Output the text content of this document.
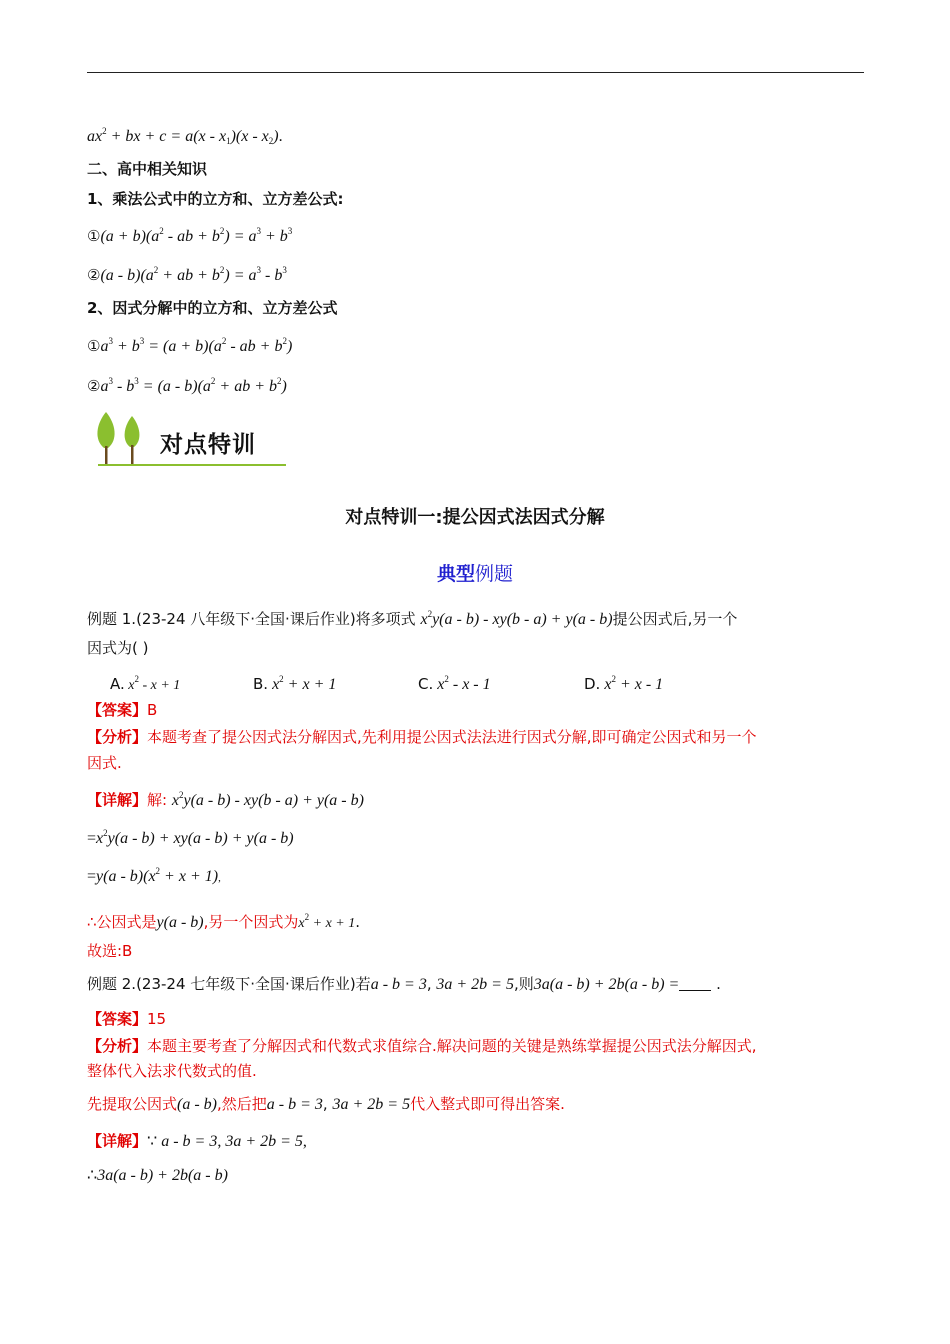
$ax^2$ + bx + $c = a(x - x_1)(x - x_2)$.
二、高中相关知识
1、乘法公式中的立方和、立方差公式:
①(a + $b)(a^2$ - ab + $b^2) = a^3 + b^3$
②(a - $b)(a^2$ + ab + $b^2) = a^3 - b^3$
2、因式分解中的立方和、立方差公式
$①a^3 + b^3 = (a + b)(a^2$ - ab + $b^2$)
$②a^3 - b^3 = (a - b)(a^2$ + ab + $b^2$)
对点特训
对点特训一:提公因式法因式分解
典型例题
例题 1.(23-24 八年级下·全国·课后作业)将多项式 $x^2y(a - b) - xy(b - a) + y(a - b)$提公因式后,另一个
因式为( )
A. $x^2 - x + 1$	B. $x^2 + x + 1$	C. $x^2$ - x - 1	D. $x^2 + x - 1$
【答案】B
【分析】本题考查了提公因式法分解因式,先利用提公因式法法进行因式分解,即可确定公因式和另一个
因式.
【详解】解: $x^2y(a - b) - xy(b - a) + y(a - b)$
$=x^2y(a - b) + xy(a - b) + y(a - b)$
$=y(a - b)(x^2 + x + 1)$,
∴公因式是y(a - b),另一个因式为$x^2 + x + 1$.
故选:B
例题 2.(23-24 七年级下·全国·课后作业)若a - b = 3, 3a + 2b = 5,则3a(a - b) + 2b(a - b) = .
【答案】15
【分析】本题主要考查了分解因式和代数式求值综合.解决问题的关键是熟练掌握提公因式法分解因式,
整体代入法求代数式的值.
先提取公因式(a - b),然后把a - b = 3, 3a + 2b = 5代入整式即可得出答案.
【详解】∵ a - b = 3, 3a + 2b = 5,
∴3a(a - b) + 2b(a - b)
